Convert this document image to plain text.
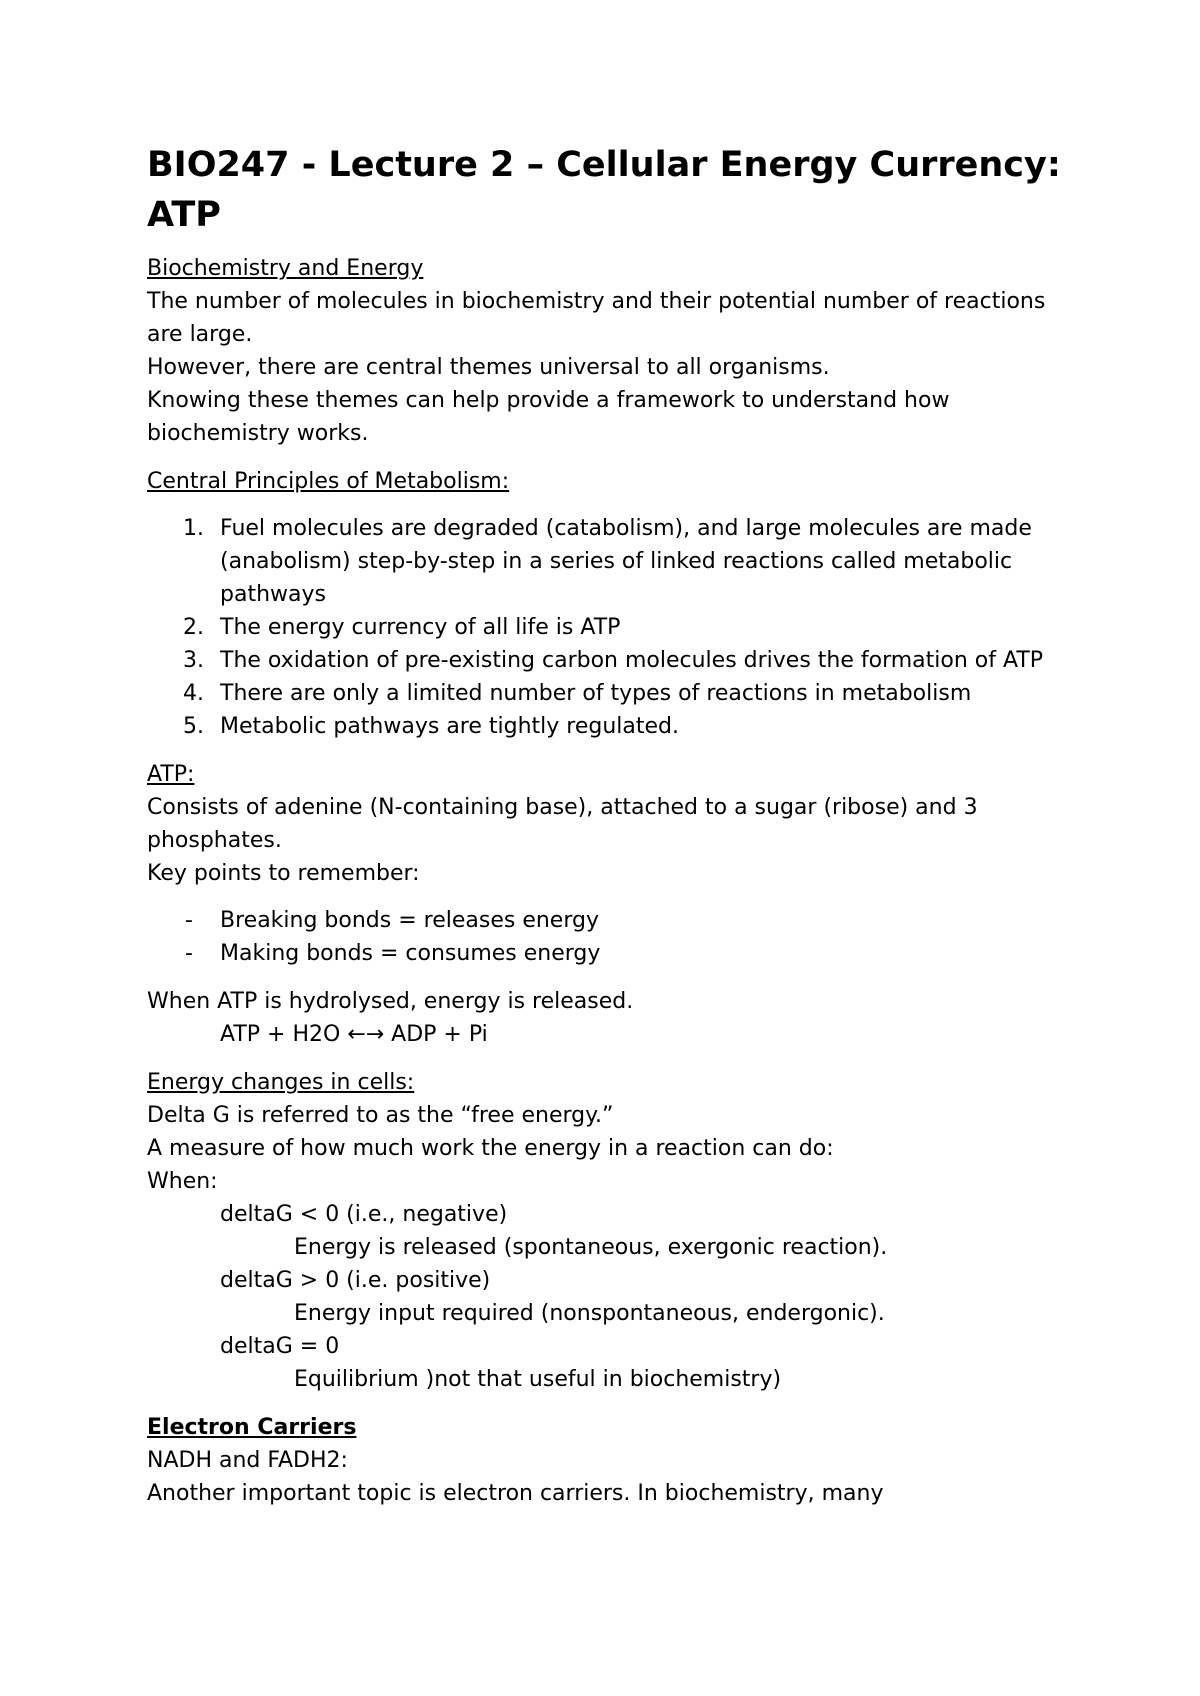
BIO247 - Lecture 2 – Cellular Energy Currency: ATP

Biochemistry and Energy

The number of molecules in biochemistry and their potential number of reactions are large.

However, there are central themes universal to all organisms.

Knowing these themes can help provide a framework to understand how biochemistry works.

Central Principles of Metabolism:

1. Fuel molecules are degraded (catabolism), and large molecules are made (anabolism) step-by-step in a series of linked reactions called metabolic pathways
2. The energy currency of all life is ATP
3. The oxidation of pre-existing carbon molecules drives the formation of ATP
4. There are only a limited number of types of reactions in metabolism
5. Metabolic pathways are tightly regulated.

ATP:

Consists of adenine (N-containing base), attached to a sugar (ribose) and 3 phosphates.

Key points to remember:

- Breaking bonds = releases energy
- Making bonds = consumes energy

When ATP is hydrolysed, energy is released.

ATP + H2O ←→ ADP + Pi

Energy changes in cells:

Delta G is referred to as the “free energy.”

A measure of how much work the energy in a reaction can do:

When:

deltaG < 0 (i.e., negative)

Energy is released (spontaneous, exergonic reaction).

deltaG > 0 (i.e. positive)

Energy input required (nonspontaneous, endergonic).

deltaG = 0

Equilibrium )not that useful in biochemistry)

Electron Carriers

NADH and FADH2:

Another important topic is electron carriers. In biochemistry, many
